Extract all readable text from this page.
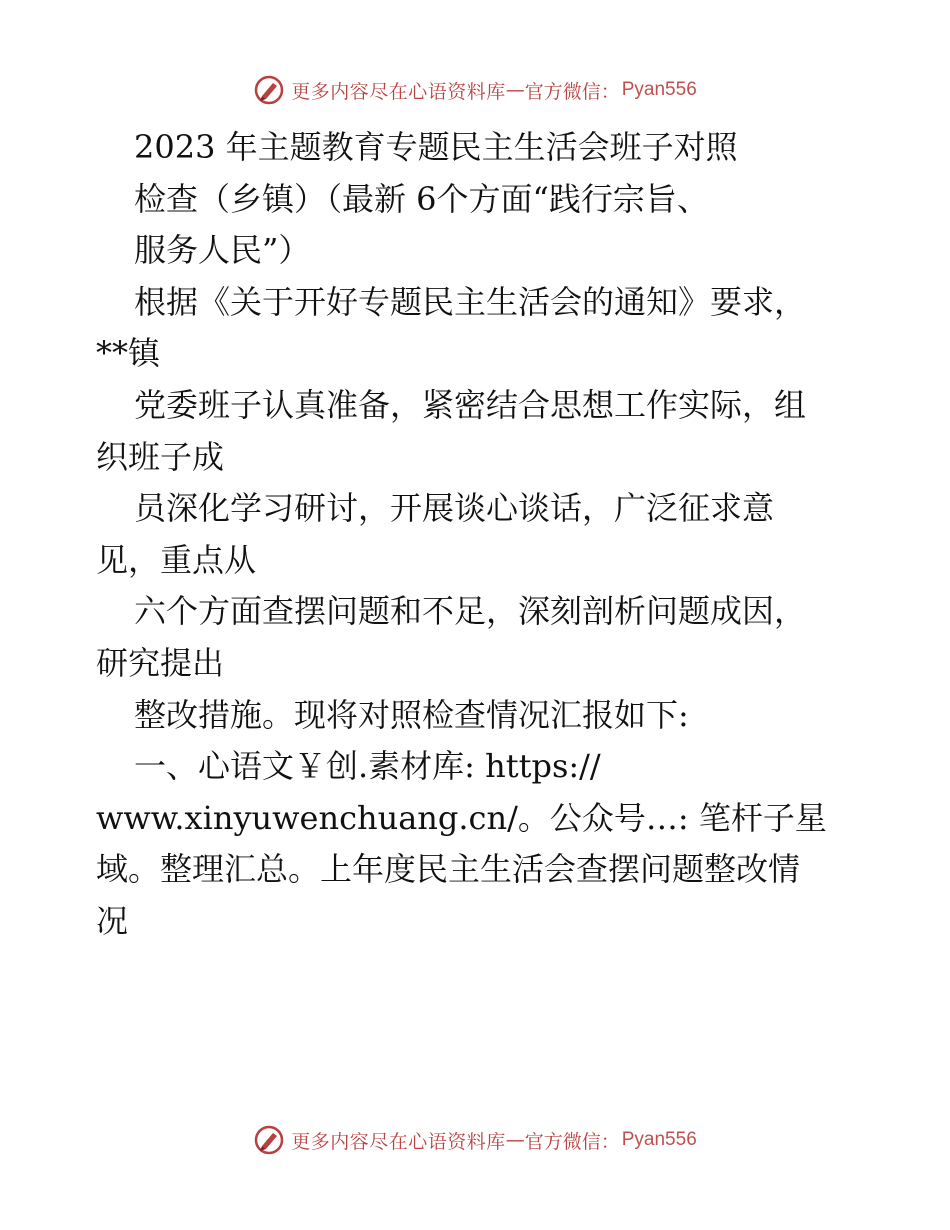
更多内容尽在心语资料库 — 官方微信： Pyan556
2023 年主题教育专题民主生活会班子对照
检查（乡镇）（最新 6个方面“践行宗旨、
服务人民”）
根据《关于开好专题民主生活会的通知》要求，
**镇
党委班子认真准备，紧密结合思想工作实际，组
织班子成
员深化学习研讨，开展谈心谈话，广泛征求意
见，重点从
六个方面查摆问题和不足，深刻剖析问题成因，
研究提出
整改措施。现将对照检查情况汇报如下:
一、心语文￥创.素材库: https://
www.xinyuwenchuang.cn/。公众号…: 笔杆子星
域。整理汇总。上年度民主生活会查摆问题整改情
况
更多内容尽在心语资料库 — 官方微信： Pyan556
